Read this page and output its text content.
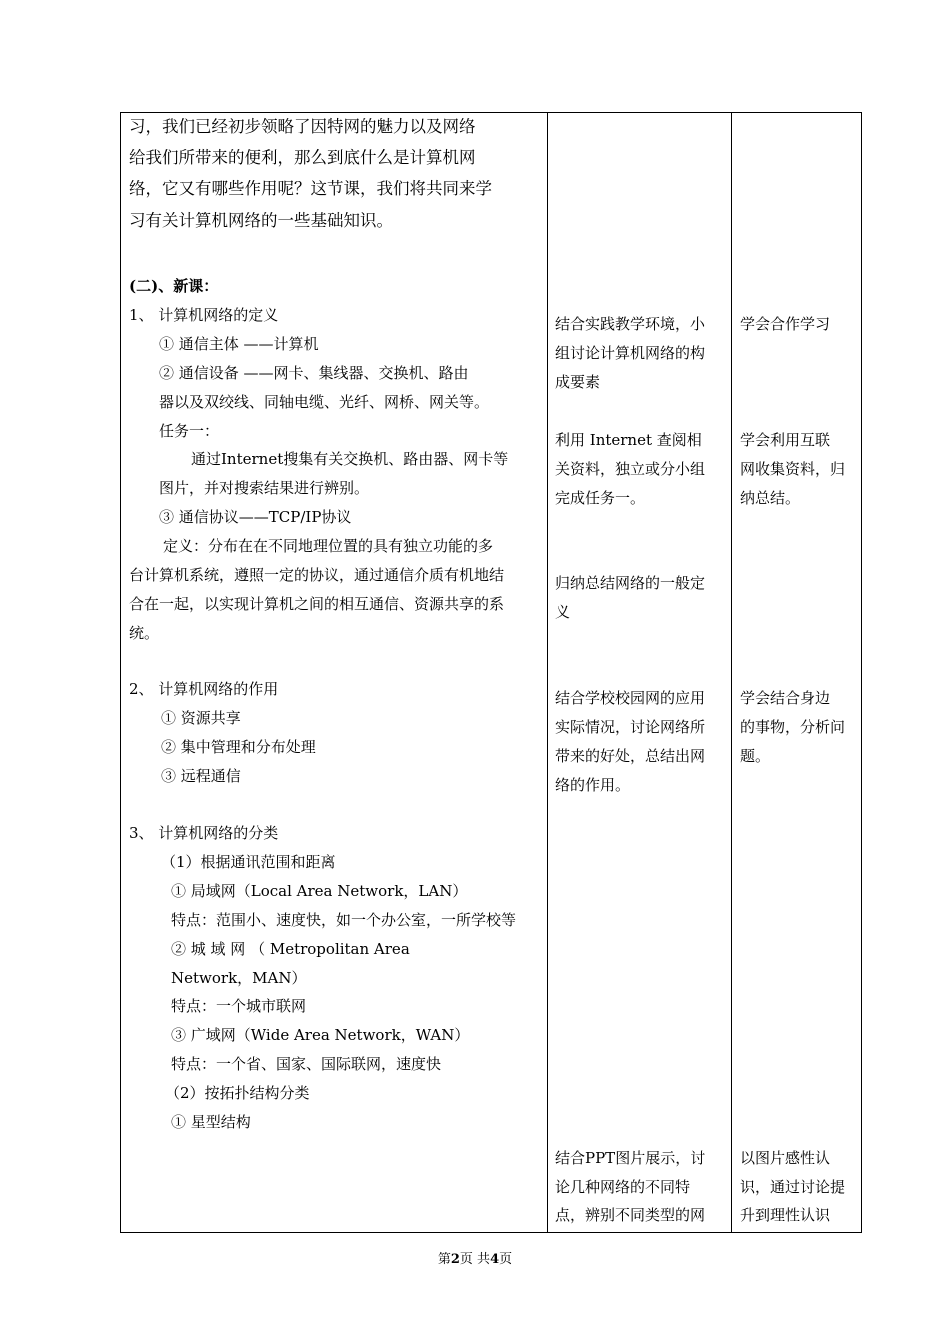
习，我们已经初步领略了因特网的魅力以及网络
给我们所带来的便利，那么到底什么是计算机网
络，它又有哪些作用呢？这节课，我们将共同来学
习有关计算机网络的一些基础知识。
(二)、新课：
1、 计算机网络的定义
① 通信主体 ——计算机
② 通信设备 ——网卡、集线器、交换机、路由
器以及双绞线、同轴电缆、光纤、网桥、网关等。
任务一：
通过Internet搜集有关交换机、路由器、网卡等
图片，并对搜索结果进行辨别。
③ 通信协议——TCP/IP协议
定义：分布在在不同地理位置的具有独立功能的多
台计算机系统，遵照一定的协议，通过通信介质有机地结
合在一起，以实现计算机之间的相互通信、资源共享的系
统。
2、 计算机网络的作用
① 资源共享
② 集中管理和分布处理
③ 远程通信
3、 计算机网络的分类
（1）根据通讯范围和距离
① 局域网（Local Area Network，LAN）
特点：范围小、速度快，如一个办公室，一所学校等
② 城 域 网 （ Metropolitan Area
Network，MAN）
特点：一个城市联网
③ 广域网（Wide Area Network，WAN）
特点：一个省、国家、国际联网，速度快
（2）按拓扑结构分类
① 星型结构
结合实践教学环境，小
组讨论计算机网络的构
成要素
利用 Internet 查阅相
关资料，独立或分小组
完成任务一。
归纳总结网络的一般定
义
结合学校校园网的应用
实际情况，讨论网络所
带来的好处，总结出网
络的作用。
结合PPT图片展示，讨
论几种网络的不同特
点，辨别不同类型的网
学会合作学习
学会利用互联
网收集资料，归
纳总结。
学会结合身边
的事物，分析问
题。
以图片感性认
识，通过讨论提
升到理性认识
第2页 共4页
